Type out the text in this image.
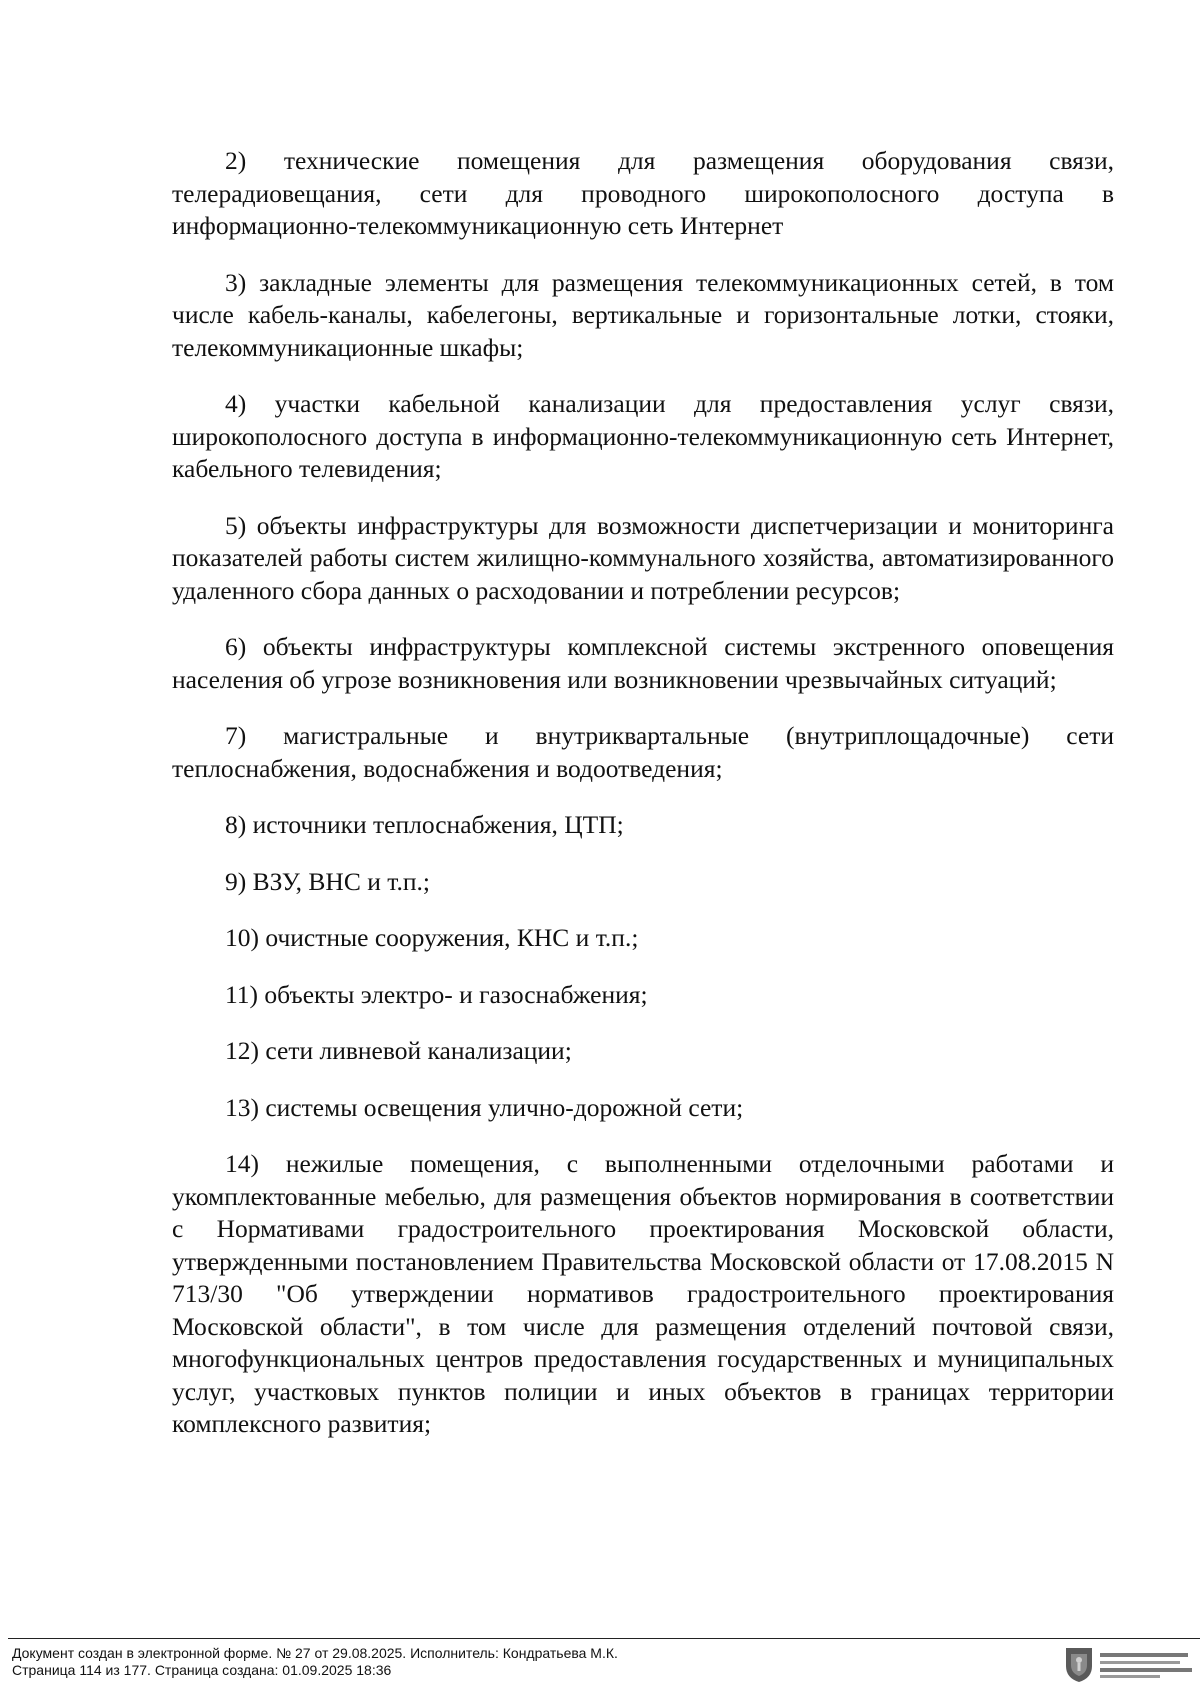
2) технические помещения для размещения оборудования связи, телерадиовещания, сети для проводного широкополосного доступа в информационно-телекоммуникационную сеть Интернет

3) закладные элементы для размещения телекоммуникационных сетей, в том числе кабель-каналы, кабелегоны, вертикальные и горизонтальные лотки, стояки, телекоммуникационные шкафы;

4) участки кабельной канализации для предоставления услуг связи, широкополосного доступа в информационно-телекоммуникационную сеть Интернет, кабельного телевидения;

5) объекты инфраструктуры для возможности диспетчеризации и мониторинга показателей работы систем жилищно-коммунального хозяйства, автоматизированного удаленного сбора данных о расходовании и потреблении ресурсов;

6) объекты инфраструктуры комплексной системы экстренного оповещения населения об угрозе возникновения или возникновении чрезвычайных ситуаций;

7) магистральные и внутриквартальные (внутриплощадочные) сети теплоснабжения, водоснабжения и водоотведения;

8) источники теплоснабжения, ЦТП;

9) ВЗУ, ВНС и т.п.;

10) очистные сооружения, КНС и т.п.;

11) объекты электро- и газоснабжения;

12) сети ливневой канализации;

13) системы освещения улично-дорожной сети;

14) нежилые помещения, с выполненными отделочными работами и укомплектованные мебелью, для размещения объектов нормирования в соответствии с Нормативами градостроительного проектирования Московской области, утвержденными постановлением Правительства Московской области от 17.08.2015 N 713/30 "Об утверждении нормативов градостроительного проектирования Московской области", в том числе для размещения отделений почтовой связи, многофункциональных центров предоставления государственных и муниципальных услуг, участковых пунктов полиции и иных объектов в границах территории комплексного развития;

Документ создан в электронной форме. № 27 от 29.08.2025. Исполнитель: Кондратьева М.К.
Страница 114 из 177. Страница создана: 01.09.2025 18:36
